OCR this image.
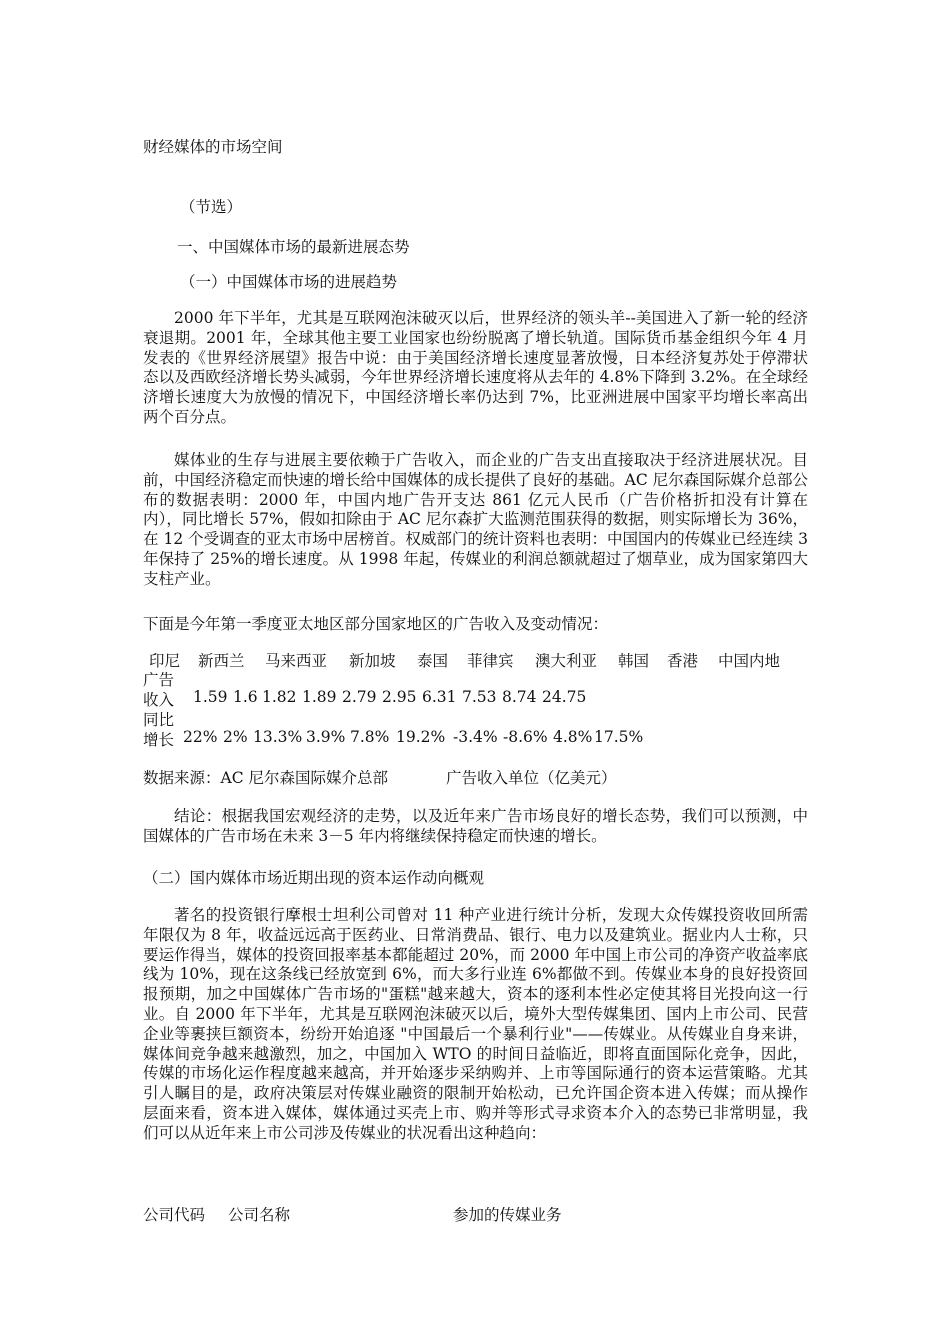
财经媒体的市场空间
（节选）
一、中国媒体市场的最新进展态势
（一）中国媒体市场的进展趋势

2000 年下半年，尤其是互联网泡沫破灭以后，世界经济的领头羊--美国进入了新一轮的经济衰退期。2001 年，全球其他主要工业国家也纷纷脱离了增长轨道。国际货币基金组织今年 4 月发表的《世界经济展望》报告中说：由于美国经济增长速度显著放慢，日本经济复苏处于停滞状态以及西欧经济增长势头减弱，今年世界经济增长速度将从去年的 4.8%下降到 3.2%。在全球经济增长速度大为放慢的情况下，中国经济增长率仍达到 7%，比亚洲进展中国家平均增长率高出两个百分点。

媒体业的生存与进展主要依赖于广告收入，而企业的广告支出直接取决于经济进展状况。目前，中国经济稳定而快速的增长给中国媒体的成长提供了良好的基础。AC 尼尔森国际媒介总部公布的数据表明：2000 年，中国内地广告开支达 861 亿元人民币（广告价格折扣没有计算在内），同比增长 57%，假如扣除由于 AC 尼尔森扩大监测范围获得的数据，则实际增长为 36%，在 12 个受调查的亚太市场中居榜首。权威部门的统计资料也表明：中国国内的传媒业已经连续 3 年保持了 25%的增长速度。从 1998 年起，传媒业的利润总额就超过了烟草业，成为国家第四大支柱产业。

下面是今年第一季度亚太地区部分国家地区的广告收入及变动情况：
印尼 新西兰 马来西亚 新加坡 泰国 菲律宾 澳大利亚 韩国 香港 中国内地
广告
收入 1.59 1.6 1.82 1.89 2.79 2.95 6.31 7.53 8.74 24.75
同比
增长 22% 2% 13.3% 3.9% 7.8% 19.2% -3.4% -8.6% 4.8% 17.5%
数据来源：AC 尼尔森国际媒介总部	广告收入单位（亿美元）

结论：根据我国宏观经济的走势，以及近年来广告市场良好的增长态势，我们可以预测，中国媒体的广告市场在未来 3－5 年内将继续保持稳定而快速的增长。

（二）国内媒体市场近期出现的资本运作动向概观

著名的投资银行摩根士坦利公司曾对 11 种产业进行统计分析，发现大众传媒投资收回所需年限仅为 8 年，收益远远高于医药业、日常消费品、银行、电力以及建筑业。据业内人士称，只要运作得当，媒体的投资回报率基本都能超过 20%，而 2000 年中国上市公司的净资产收益率底线为 10%，现在这条线已经放宽到 6%，而大多行业连 6%都做不到。传媒业本身的良好投资回报预期，加之中国媒体广告市场的"蛋糕"越来越大，资本的逐利本性必定使其将目光投向这一行业。自 2000 年下半年，尤其是互联网泡沫破灭以后，境外大型传媒集团、国内上市公司、民营企业等裹挟巨额资本，纷纷开始追逐 "中国最后一个暴利行业"——传媒业。从传媒业自身来讲，媒体间竞争越来越激烈，加之，中国加入 WTO 的时间日益临近，即将直面国际化竞争，因此，传媒的市场化运作程度越来越高，并开始逐步采纳购并、上市等国际通行的资本运营策略。尤其引人瞩目的是，政府决策层对传媒业融资的限制开始松动，已允许国企资本进入传媒；而从操作层面来看，资本进入媒体，媒体通过买壳上市、购并等形式寻求资本介入的态势已非常明显，我们可以从近年来上市公司涉及传媒业的状况看出这种趋向：

公司代码 公司名称	参加的传媒业务
